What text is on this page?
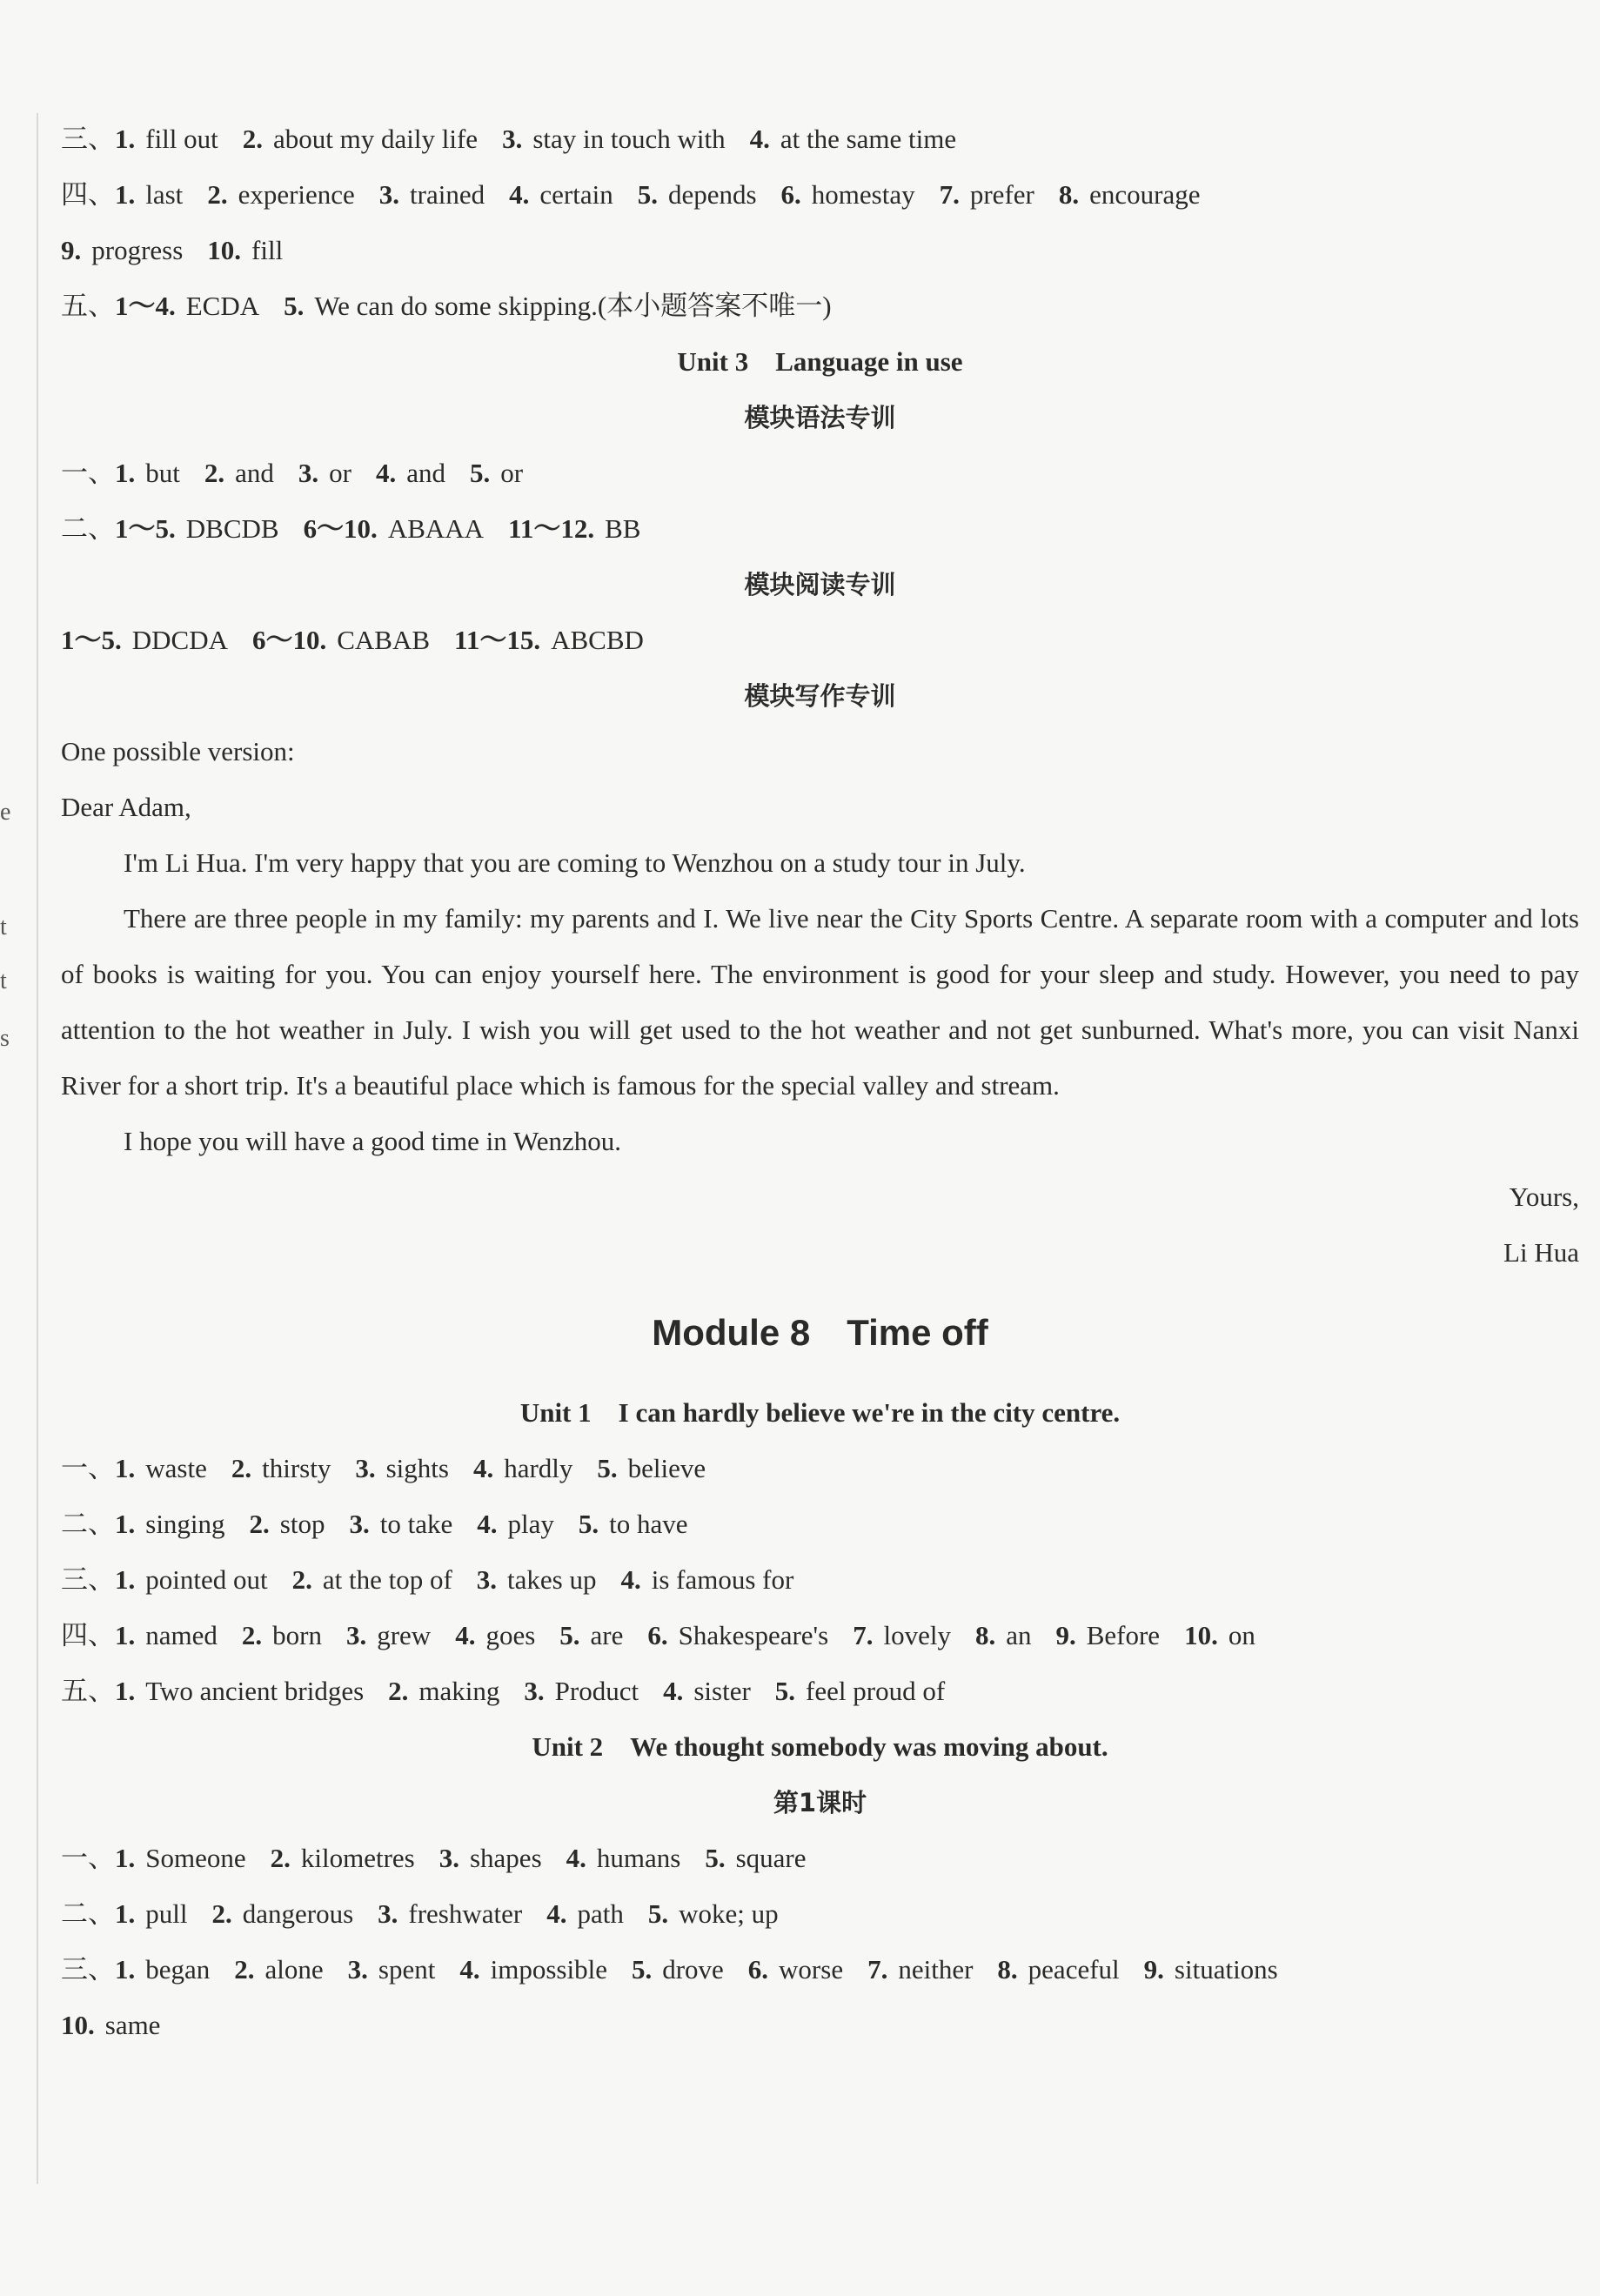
e
t
t
s
三、1. fill out 2. about my daily life 3. stay in touch with 4. at the same time
四、1. last 2. experience 3. trained 4. certain 5. depends 6. homestay 7. prefer 8. encourage
9. progress 10. fill
五、1～4. ECDA 5. We can do some skipping.(本小题答案不唯一)
Unit 3　Language in use
模块语法专训
一、1. but 2. and 3. or 4. and 5. or
二、1～5. DBCDB 6～10. ABAAA 11～12. BB
模块阅读专训
1～5. DDCDA 6～10. CABAB 11～15. ABCBD
模块写作专训
One possible version:
Dear Adam,
I'm Li Hua. I'm very happy that you are coming to Wenzhou on a study tour in July.
There are three people in my family: my parents and I. We live near the City Sports Centre. A separate room with a computer and lots of books is waiting for you. You can enjoy yourself here. The environment is good for your sleep and study. However, you need to pay attention to the hot weather in July. I wish you will get used to the hot weather and not get sunburned. What's more, you can visit Nanxi River for a short trip. It's a beautiful place which is famous for the special valley and stream.
I hope you will have a good time in Wenzhou.
Yours,
Li Hua
Module 8　Time off
Unit 1　I can hardly believe we're in the city centre.
一、1. waste 2. thirsty 3. sights 4. hardly 5. believe
二、1. singing 2. stop 3. to take 4. play 5. to have
三、1. pointed out 2. at the top of 3. takes up 4. is famous for
四、1. named 2. born 3. grew 4. goes 5. are 6. Shakespeare's 7. lovely 8. an 9. Before 10. on
五、1. Two ancient bridges 2. making 3. Product 4. sister 5. feel proud of
Unit 2　We thought somebody was moving about.
第1课时
一、1. Someone 2. kilometres 3. shapes 4. humans 5. square
二、1. pull 2. dangerous 3. freshwater 4. path 5. woke; up
三、1. began 2. alone 3. spent 4. impossible 5. drove 6. worse 7. neither 8. peaceful 9. situations
10. same
